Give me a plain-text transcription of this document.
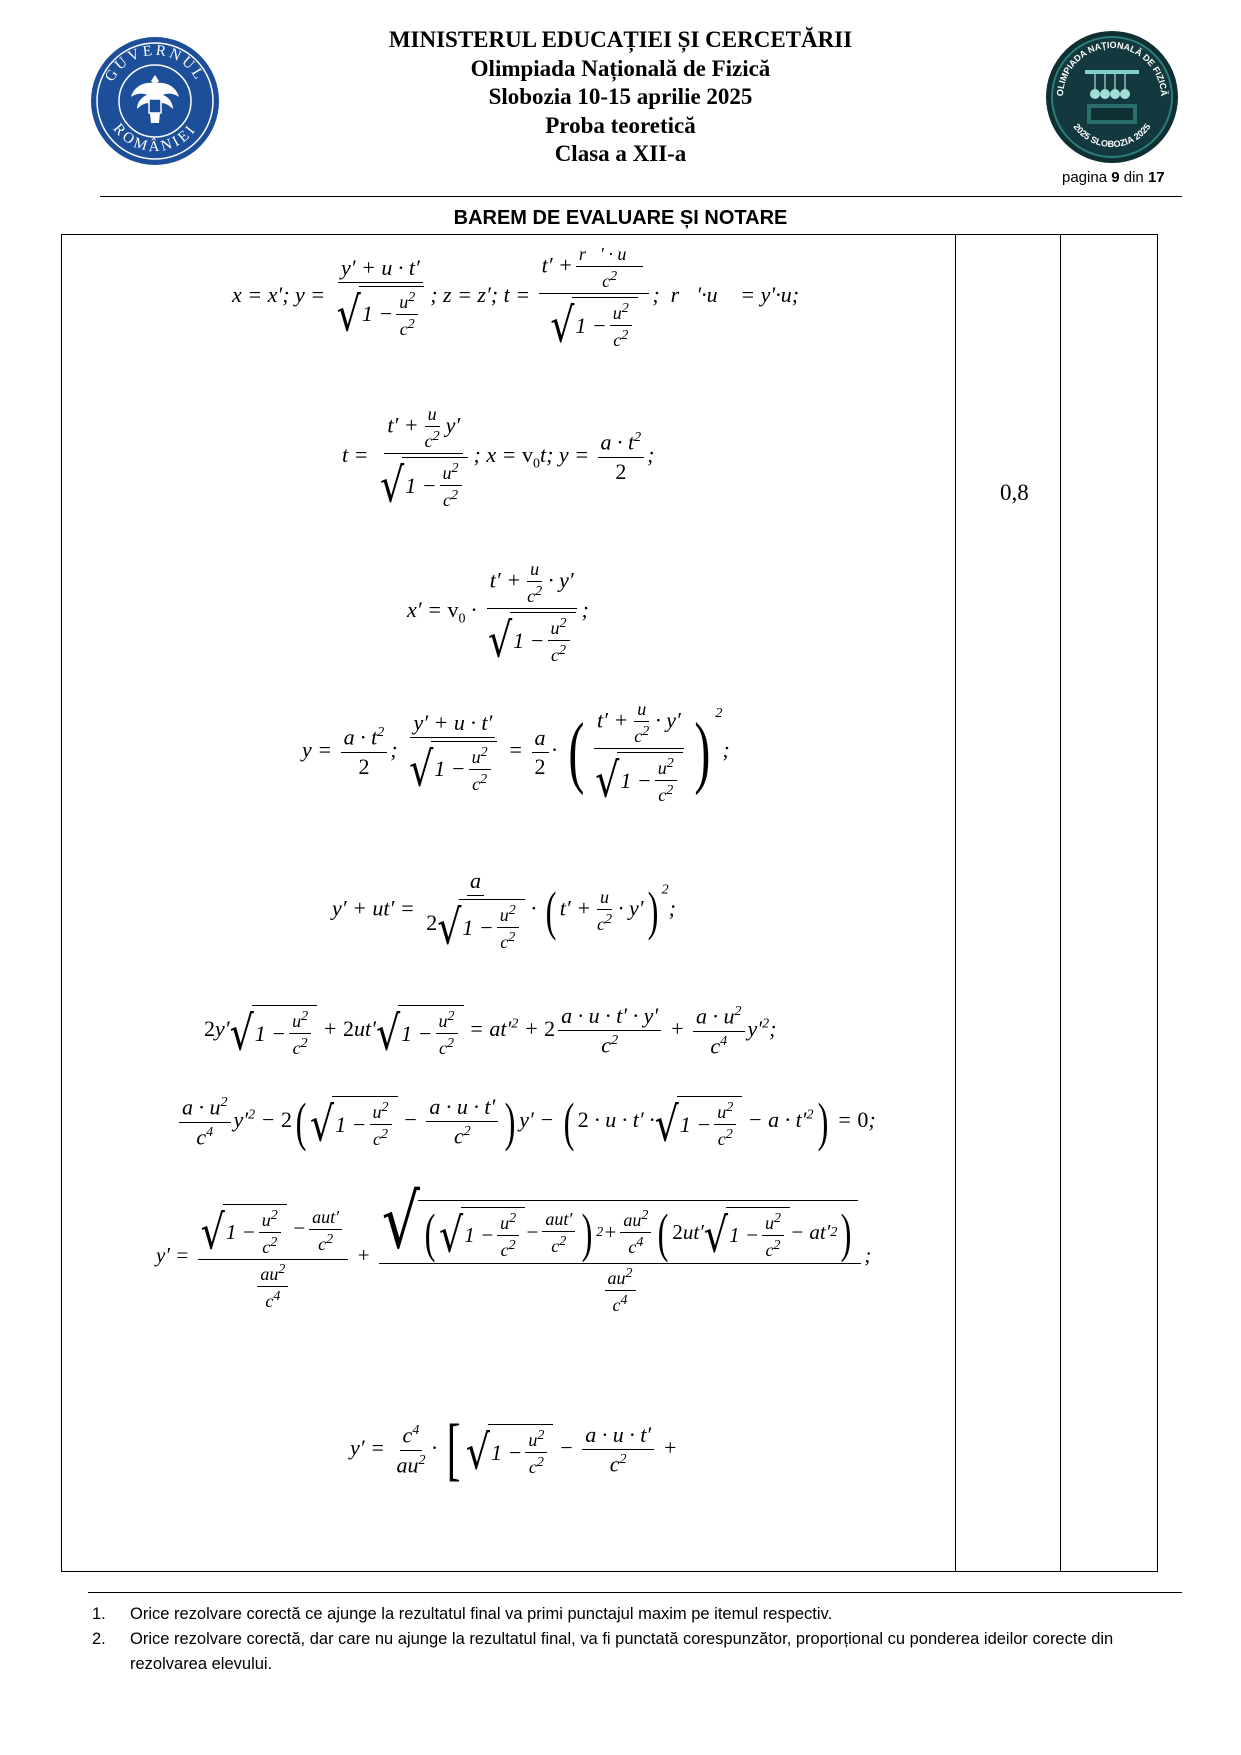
GUVERNUL
ROMÂNIEI
OLIMPIADA NAȚIONALĂ DE FIZICĂ
2025 SLOBOZIA 2025
MINISTERUL EDUCAȚIEI ȘI CERCETĂRII
Olimpiada Națională de Fizică
Slobozia 10-15 aprilie 2025
Proba teoretică
Clasa a XII-a
pagina 9 din 17
BAREM DE EVALUARE ȘI NOTARE
0,8
x = x′; y = y′ + u · t′
√ $1 - u^2$
$c^2$ ; z = z′; $t = t' + \frac{r⃗' \cdot u⃗}{c^2}$
√ $1 - u^2$
$c^2$ ;  r⃗′·u⃗ = y′·u;
$t = t' + \frac{u}{c^2} y'$
√ $1 - u^2$
$c^2$ ; $x = v_0t$; $y = \frac{a \cdot t^2}{2}$ ;
$x' = v_0 \cdot t' + \frac{u}{c^2} \cdot y'$
√ $1 - u^2$
$c^2$ ;
$y = \frac{a \cdot t^2}{2}$ ; y′ + u · t′
√ $1 - u^2$
$c^2 = \frac{a}{2}$ · ( $t' + \frac{u}{c^2} \cdot y'$
√ $1 - u^2$
$c^2$ ) $^2$;
y′ + ut′ = a
2 √ $1 - u^2$
$c^2$ · ( $t' + \frac{u}{c^2} \cdot y'$) $^2$;
2y′ √ $1 - u^2$
$c^2$
+ 2ut′ √ $1 - u^2$
$c^2$
= $at'^2 + 2 \frac{a \cdot u \cdot t' \cdot y'}{c^2} + \frac{a \cdot u^2}{c^4} y'^2$;
$\frac{a \cdot u^2}{c^4} y'^2 - 2$( √ $1 - u^2$
$c^2$
− $\frac{a \cdot u \cdot t'}{c^2}$ ) y′ − ( 2 · u · t′ · √ $1 - u^2$
$c^2$
− $a \cdot t'^2) = 0$;
y′ = √ $1 - u^2$
$c^2$
− aut′
$c^2$
$\frac{au^2}{c^4}$
+ √ ( √ $1 - u^2$
$c^2$
−
aut′
$c^2$ ) $2 + au^2$
$c^4$ ( 2 ut′ √ $1 - u^2$
$c^2$
− at′ 2 )
$\frac{au^2}{c^4}$
;
$y' = \frac{c^4}{au^2}$ · [ √ $1 - u^2$
$c^2$
− $\frac{a \cdot u \cdot t'}{c^2}$ +
1.	Orice rezolvare corectă ce ajunge la rezultatul final va primi punctajul maxim pe itemul respectiv.
2.	Orice rezolvare corectă, dar care nu ajunge la rezultatul final, va fi punctată corespunzător, proporțional cu ponderea ideilor corecte din rezolvarea elevului.
